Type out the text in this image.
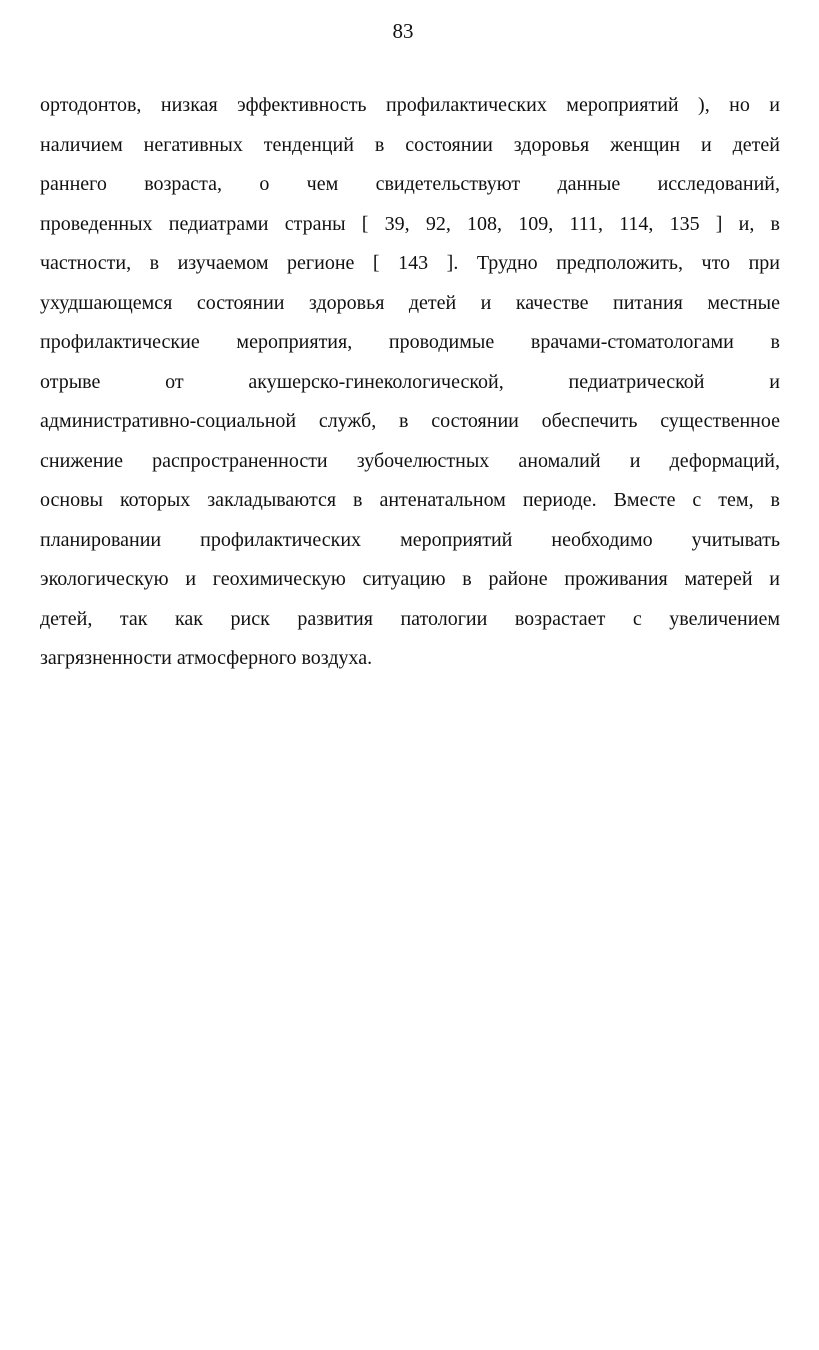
83
ортодонтов, низкая эффективность профилактических мероприятий ), но и
наличием негативных тенденций в состоянии здоровья женщин и детей
раннего возраста, о чем свидетельствуют данные исследований,
проведенных педиатрами страны [ 39, 92, 108, 109, 111, 114, 135 ] и, в
частности, в изучаемом регионе [ 143 ]. Трудно предположить, что при
ухудшающемся состоянии здоровья детей и качестве питания местные
профилактические мероприятия, проводимые врачами-стоматологами в
отрыве от акушерско-гинекологической, педиатрической и
административно-социальной служб, в состоянии обеспечить существенное
снижение распространенности зубочелюстных аномалий и деформаций,
основы которых закладываются в антенатальном периоде. Вместе с тем, в
планировании профилактических мероприятий необходимо учитывать
экологическую и геохимическую ситуацию в районе проживания матерей и
детей, так как риск развития патологии возрастает с увеличением
загрязненности атмосферного воздуха.
